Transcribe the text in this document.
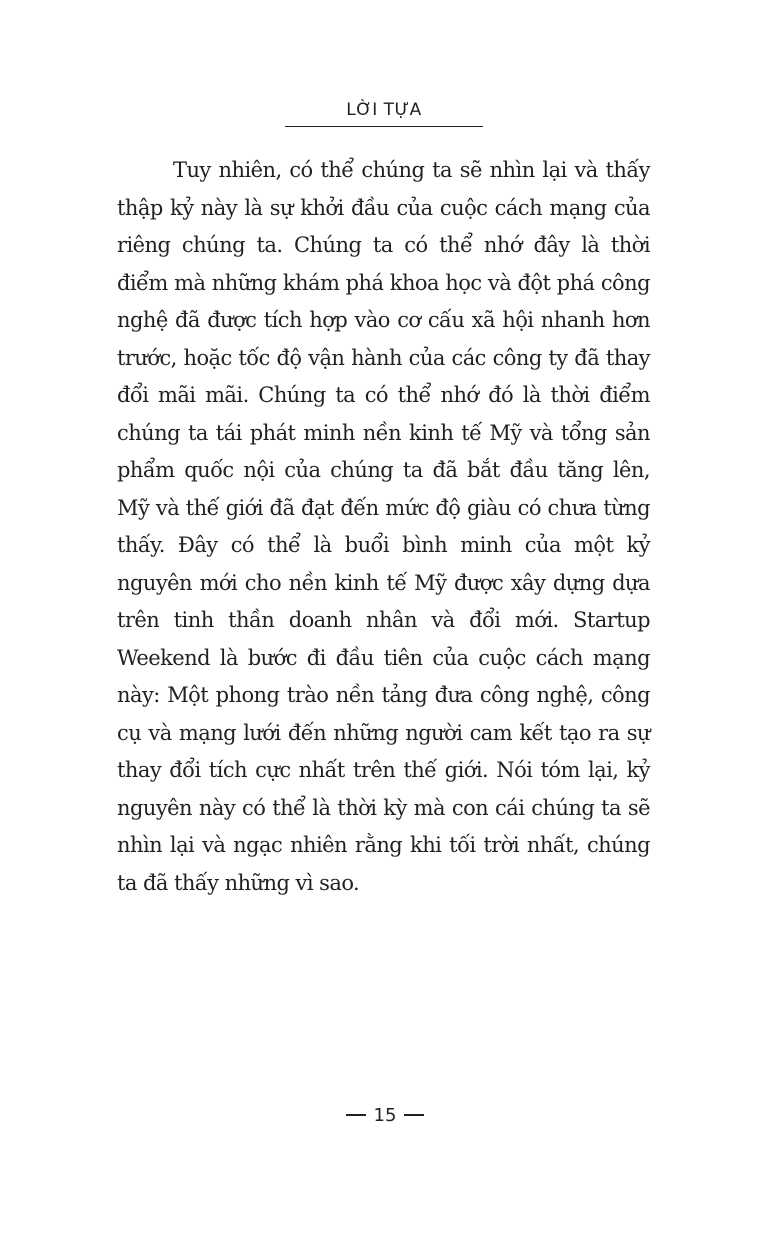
LỜI TỰA

Tuy nhiên, có thể chúng ta sẽ nhìn lại và thấy thập kỷ này là sự khởi đầu của cuộc cách mạng của riêng chúng ta. Chúng ta có thể nhớ đây là thời điểm mà những khám phá khoa học và đột phá công nghệ đã được tích hợp vào cơ cấu xã hội nhanh hơn trước, hoặc tốc độ vận hành của các công ty đã thay đổi mãi mãi. Chúng ta có thể nhớ đó là thời điểm chúng ta tái phát minh nền kinh tế Mỹ và tổng sản phẩm quốc nội của chúng ta đã bắt đầu tăng lên, Mỹ và thế giới đã đạt đến mức độ giàu có chưa từng thấy. Đây có thể là buổi bình minh của một kỷ nguyên mới cho nền kinh tế Mỹ được xây dựng dựa trên tinh thần doanh nhân và đổi mới. Startup Weekend là bước đi đầu tiên của cuộc cách mạng này: Một phong trào nền tảng đưa công nghệ, công cụ và mạng lưới đến những người cam kết tạo ra sự thay đổi tích cực nhất trên thế giới. Nói tóm lại, kỷ nguyên này có thể là thời kỳ mà con cái chúng ta sẽ nhìn lại và ngạc nhiên rằng khi tối trời nhất, chúng ta đã thấy những vì sao.

15
